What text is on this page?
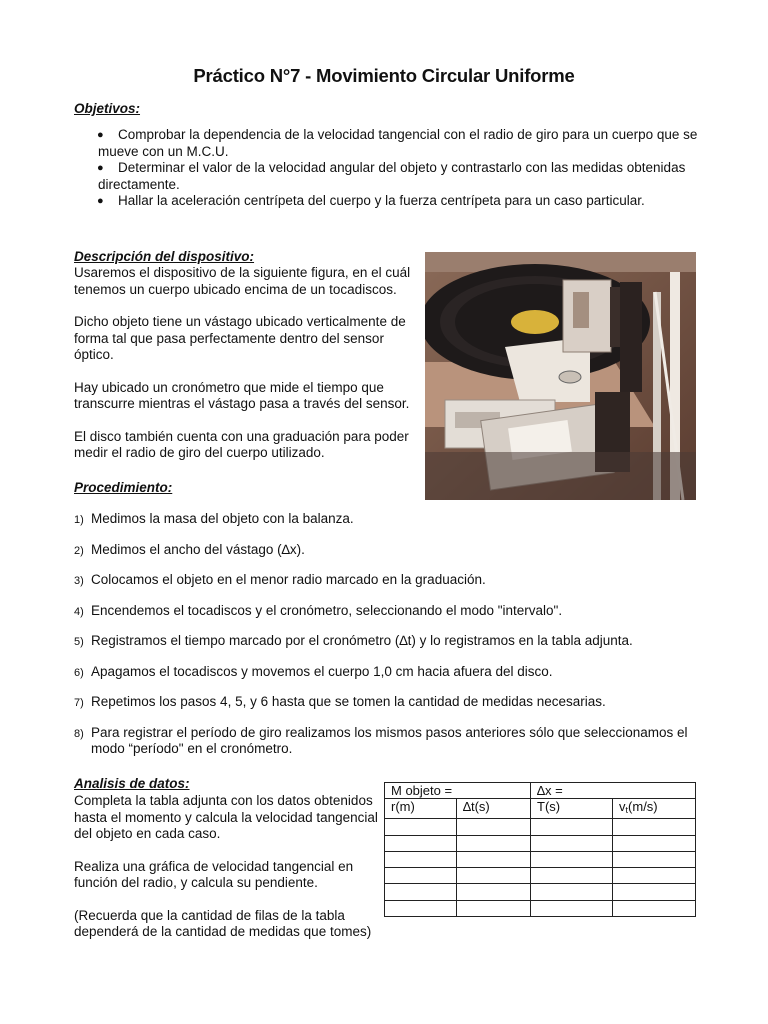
Práctico N°7 - Movimiento Circular Uniforme
Objetivos:
●	Comprobar la dependencia de la velocidad tangencial con el radio de giro para un cuerpo que se mueve con un M.C.U.
●	Determinar el valor de la velocidad angular del objeto y contrastarlo con las medidas obtenidas directamente.
●	Hallar la aceleración centrípeta del cuerpo y la fuerza centrípeta para un caso particular.
Descripción del dispositivo:

Usaremos el dispositivo de la siguiente figura, en el cuál tenemos un cuerpo ubicado encima de un tocadiscos.

Dicho objeto tiene un vástago ubicado verticalmente de forma tal que pasa perfectamente dentro del sensor óptico.

Hay ubicado un cronómetro que mide el tiempo que transcurre mientras el vástago pasa a través del sensor.

El disco también cuenta con una graduación para poder medir el radio de giro del cuerpo utilizado.

Procedimiento:
1) Medimos la masa del objeto con la balanza.
2) Medimos el ancho del vástago (∆x).
3) Colocamos el objeto en el menor radio marcado en la graduación.
4) Encendemos el tocadiscos y el cronómetro, seleccionando el modo "intervalo".
5) Registramos el tiempo marcado por el cronómetro (∆t) y lo registramos en la tabla adjunta.
6) Apagamos el tocadiscos y movemos el cuerpo 1,0 cm hacia afuera del disco.
7) Repetimos los pasos 4, 5, y 6 hasta que se tomen la cantidad de medidas necesarias.
8) Para registrar el período de giro realizamos los mismos pasos anteriores sólo que seleccionamos el modo “período" en el cronómetro.
Analisis de datos:

Completa la tabla adjunta con los datos obtenidos hasta el momento y calcula la velocidad tangencial del objeto en cada caso.

Realiza una gráfica de velocidad tangencial en función del radio, y calcula su pendiente.

(Recuerda que la cantidad de filas de la tabla dependerá de la cantidad de medidas que tomes)

M objeto =		∆x =	
r(m)	∆t(s)	T(s)	$v_t(m/s)$
